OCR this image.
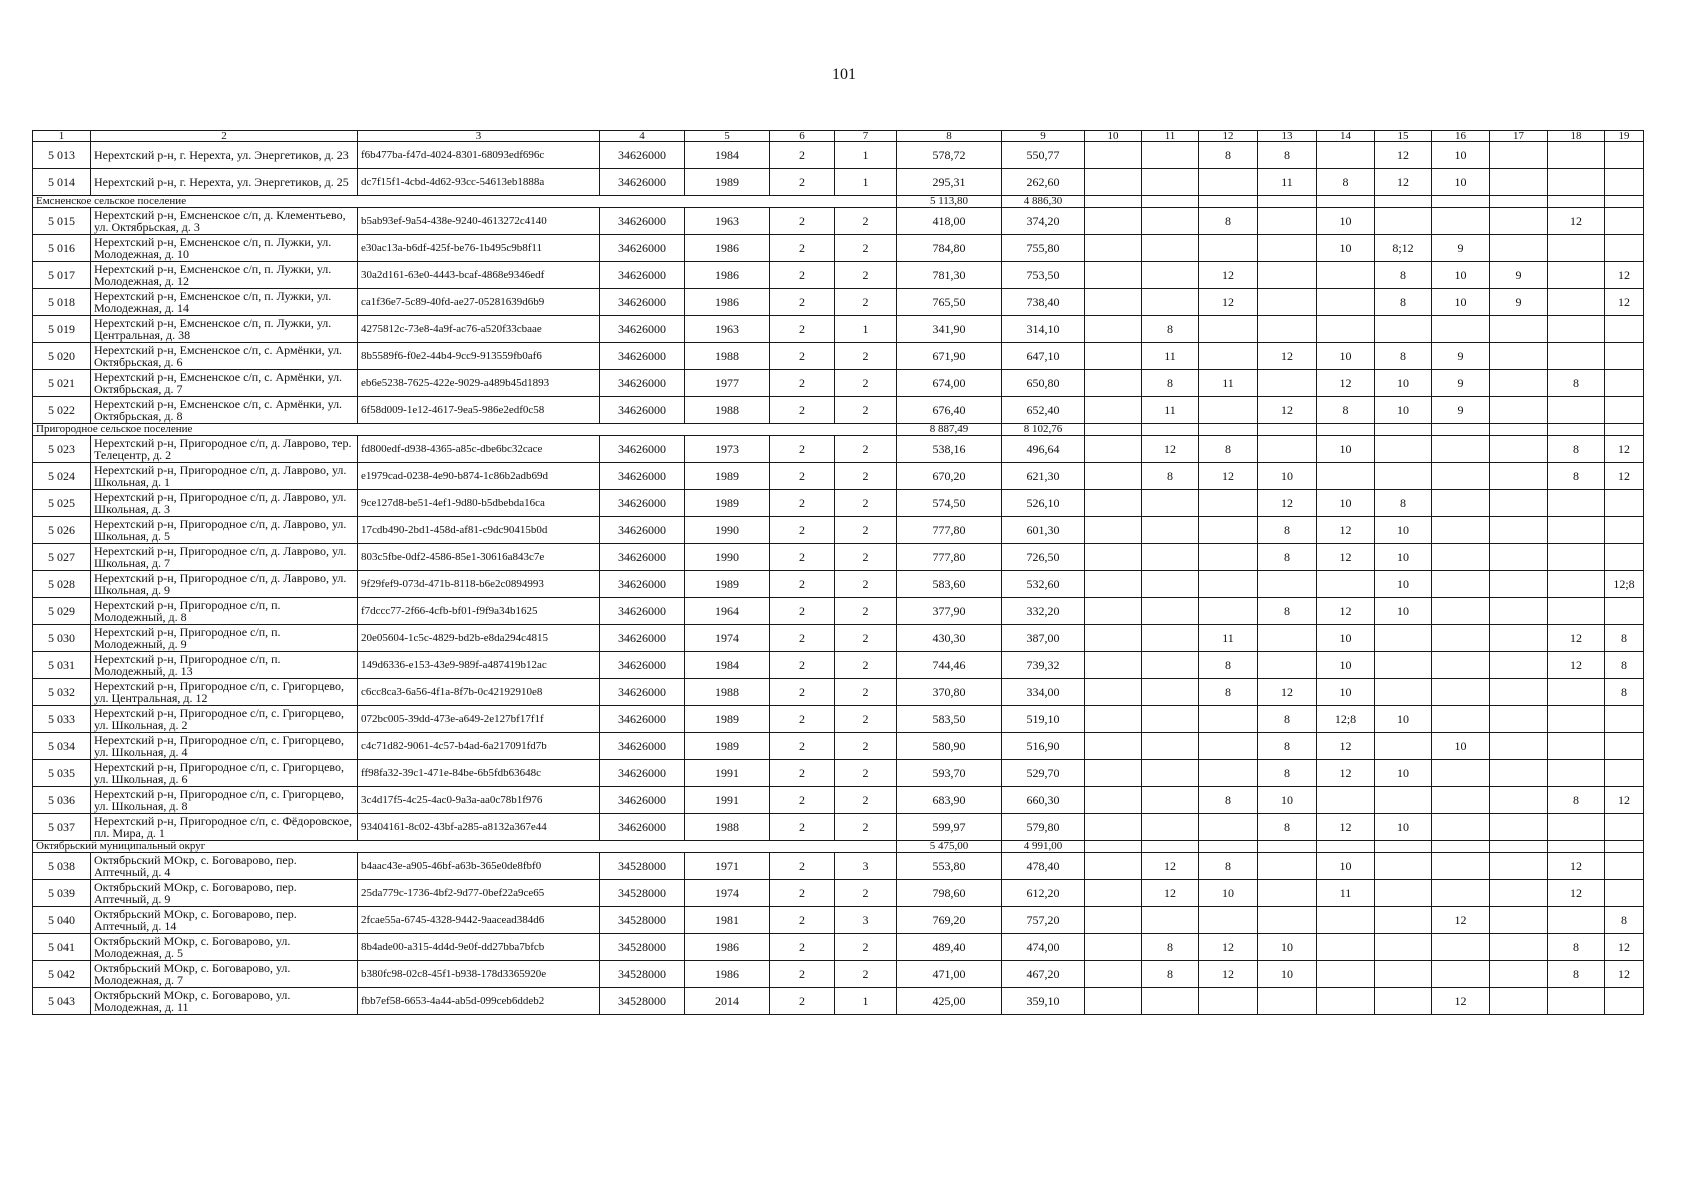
101
1	2	3	4	5	6	7	8	9	10	11	12	13	14	15	16	17	18	19
5 013	Нерехтский р-н, г. Нерехта, ул. Энергетиков, д. 23	f6b477ba-f47d-4024-8301-68093edf696c	34626000	1984	2	1	578,72	550,77			8	8		12	10			
5 014	Нерехтский р-н, г. Нерехта, ул. Энергетиков, д. 25	dc7f15f1-4cbd-4d62-93cc-54613eb1888a	34626000	1989	2	1	295,31	262,60				11	8	12	10			
Емсненское сельское поселение							5 113,80	4 886,30										
5 015	Нерехтский р-н, Емсненское с/п, д. Клементьево, ул. Октябрьская, д. 3	b5ab93ef-9a54-438e-9240-4613272c4140	34626000	1963	2	2	418,00	374,20			8		10				12	
5 016	Нерехтский р-н, Емсненское с/п, п. Лужки, ул. Молодежная, д. 10	e30ac13a-b6df-425f-be76-1b495c9b8f11	34626000	1986	2	2	784,80	755,80					10	8;12	9			
5 017	Нерехтский р-н, Емсненское с/п, п. Лужки, ул. Молодежная, д. 12	30a2d161-63e0-4443-bcaf-4868e9346edf	34626000	1986	2	2	781,30	753,50			12			8	10	9		12
5 018	Нерехтский р-н, Емсненское с/п, п. Лужки, ул. Молодежная, д. 14	ca1f36e7-5c89-40fd-ae27-05281639d6b9	34626000	1986	2	2	765,50	738,40			12			8	10	9		12
5 019	Нерехтский р-н, Емсненское с/п, п. Лужки, ул. Центральная, д. 38	4275812c-73e8-4a9f-ac76-a520f33cbaae	34626000	1963	2	1	341,90	314,10		8								
5 020	Нерехтский р-н, Емсненское с/п, с. Армёнки, ул. Октябрьская, д. 6	8b5589f6-f0e2-44b4-9cc9-913559fb0af6	34626000	1988	2	2	671,90	647,10		11		12	10	8	9			
5 021	Нерехтский р-н, Емсненское с/п, с. Армёнки, ул. Октябрьская, д. 7	eb6e5238-7625-422e-9029-a489b45d1893	34626000	1977	2	2	674,00	650,80		8	11		12	10	9		8	
5 022	Нерехтский р-н, Емсненское с/п, с. Армёнки, ул. Октябрьская, д. 8	6f58d009-1e12-4617-9ea5-986e2edf0c58	34626000	1988	2	2	676,40	652,40		11		12	8	10	9			
Пригородное сельское поселение							8 887,49	8 102,76										
5 023	Нерехтский р-н, Пригородное с/п, д. Лаврово, тер. Телецентр, д. 2	fd800edf-d938-4365-a85c-dbe6bc32cace	34626000	1973	2	2	538,16	496,64		12	8		10				8	12
5 024	Нерехтский р-н, Пригородное с/п, д. Лаврово, ул. Школьная, д. 1	e1979cad-0238-4e90-b874-1c86b2adb69d	34626000	1989	2	2	670,20	621,30		8	12	10					8	12
5 025	Нерехтский р-н, Пригородное с/п, д. Лаврово, ул. Школьная, д. 3	9ce127d8-be51-4ef1-9d80-b5dbebda16ca	34626000	1989	2	2	574,50	526,10				12	10	8				
5 026	Нерехтский р-н, Пригородное с/п, д. Лаврово, ул. Школьная, д. 5	17cdb490-2bd1-458d-af81-c9dc90415b0d	34626000	1990	2	2	777,80	601,30				8	12	10				
5 027	Нерехтский р-н, Пригородное с/п, д. Лаврово, ул. Школьная, д. 7	803c5fbe-0df2-4586-85e1-30616a843c7e	34626000	1990	2	2	777,80	726,50				8	12	10				
5 028	Нерехтский р-н, Пригородное с/п, д. Лаврово, ул. Школьная, д. 9	9f29fef9-073d-471b-8118-b6e2c0894993	34626000	1989	2	2	583,60	532,60						10				12;8
5 029	Нерехтский р-н, Пригородное с/п, п. Молодежный, д. 8	f7dccc77-2f66-4cfb-bf01-f9f9a34b1625	34626000	1964	2	2	377,90	332,20				8	12	10				
5 030	Нерехтский р-н, Пригородное с/п, п. Молодежный, д. 9	20e05604-1c5c-4829-bd2b-e8da294c4815	34626000	1974	2	2	430,30	387,00			11		10				12	8
5 031	Нерехтский р-н, Пригородное с/п, п. Молодежный, д. 13	149d6336-e153-43e9-989f-a487419b12ac	34626000	1984	2	2	744,46	739,32			8		10				12	8
5 032	Нерехтский р-н, Пригородное с/п, с. Григорцево, ул. Центральная, д. 12	c6cc8ca3-6a56-4f1a-8f7b-0c42192910e8	34626000	1988	2	2	370,80	334,00			8	12	10					8
5 033	Нерехтский р-н, Пригородное с/п, с. Григорцево, ул. Школьная, д. 2	072bc005-39dd-473e-a649-2e127bf17f1f	34626000	1989	2	2	583,50	519,10				8	12;8	10				
5 034	Нерехтский р-н, Пригородное с/п, с. Григорцево, ул. Школьная, д. 4	c4c71d82-9061-4c57-b4ad-6a217091fd7b	34626000	1989	2	2	580,90	516,90				8	12		10			
5 035	Нерехтский р-н, Пригородное с/п, с. Григорцево, ул. Школьная, д. 6	ff98fa32-39c1-471e-84be-6b5fdb63648c	34626000	1991	2	2	593,70	529,70				8	12	10				
5 036	Нерехтский р-н, Пригородное с/п, с. Григорцево, ул. Школьная, д. 8	3c4d17f5-4c25-4ac0-9a3a-aa0c78b1f976	34626000	1991	2	2	683,90	660,30			8	10					8	12
5 037	Нерехтский р-н, Пригородное с/п, с. Фёдоровское, пл. Мира, д. 1	93404161-8c02-43bf-a285-a8132a367e44	34626000	1988	2	2	599,97	579,80				8	12	10				
Октябрьский муниципальный округ							5 475,00	4 991,00										
5 038	Октябрьский МОкр, с. Боговарово, пер. Аптечный, д. 4	b4aac43e-a905-46bf-a63b-365e0de8fbf0	34528000	1971	2	3	553,80	478,40		12	8		10				12	
5 039	Октябрьский МОкр, с. Боговарово, пер. Аптечный, д. 9	25da779c-1736-4bf2-9d77-0bef22a9ce65	34528000	1974	2	2	798,60	612,20		12	10		11				12	
5 040	Октябрьский МОкр, с. Боговарово, пер. Аптечный, д. 14	2fcae55a-6745-4328-9442-9aacead384d6	34528000	1981	2	3	769,20	757,20							12			8
5 041	Октябрьский МОкр, с. Боговарово, ул. Молодежная, д. 5	8b4ade00-a315-4d4d-9e0f-dd27bba7bfcb	34528000	1986	2	2	489,40	474,00		8	12	10					8	12
5 042	Октябрьский МОкр, с. Боговарово, ул. Молодежная, д. 7	b380fc98-02c8-45f1-b938-178d3365920e	34528000	1986	2	2	471,00	467,20		8	12	10					8	12
5 043	Октябрьский МОкр, с. Боговарово, ул. Молодежная, д. 11	fbb7ef58-6653-4a44-ab5d-099ceb6ddeb2	34528000	2014	2	1	425,00	359,10							12			
